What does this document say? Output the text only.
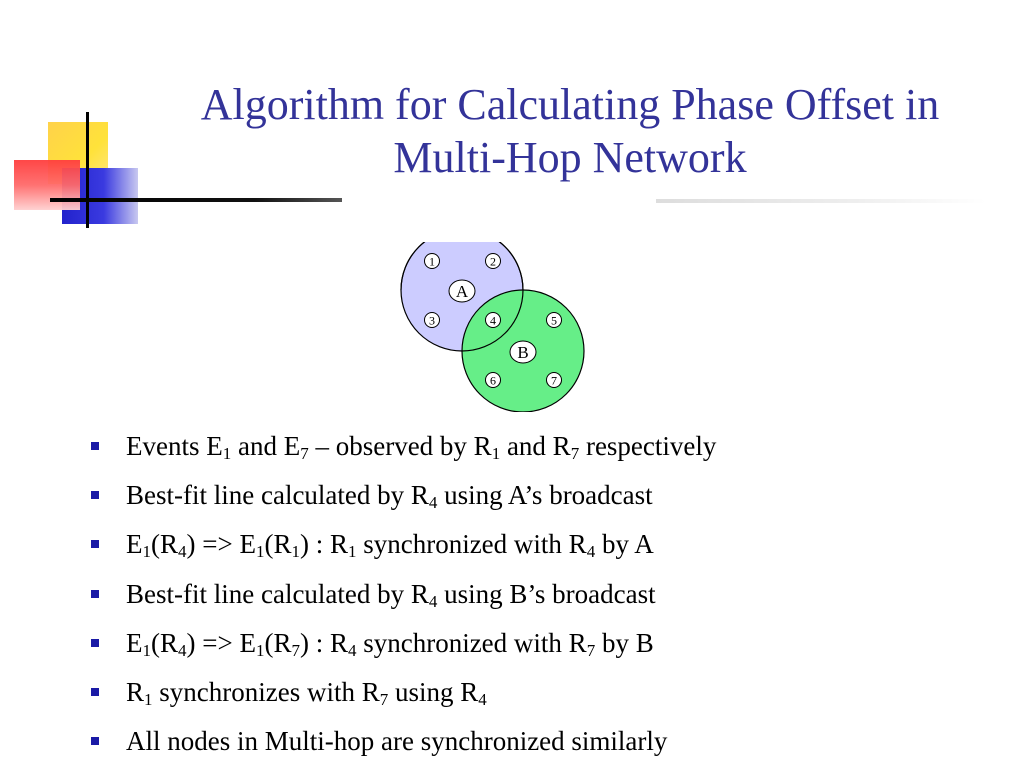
Algorithm for Calculating Phase Offset in
Multi-Hop Network
A
B
1	2
3	4	5
6	7
Events $E_1$ and $E_7$ – observed by $R_1$ and $R_7$ respectively
Best-fit line calculated by $R_4$ using A’s broadcast
$E_1(R_4) => E_1(R_1)$ : $R_1$ synchronized with $R_4$ by A
Best-fit line calculated by $R_4$ using B’s broadcast
$E_1(R_4) => E_1(R_7)$ : $R_4$ synchronized with $R_7$ by B
$R_1$ synchronizes with $R_7$ using $R_4$
All nodes in Multi-hop are synchronized similarly
